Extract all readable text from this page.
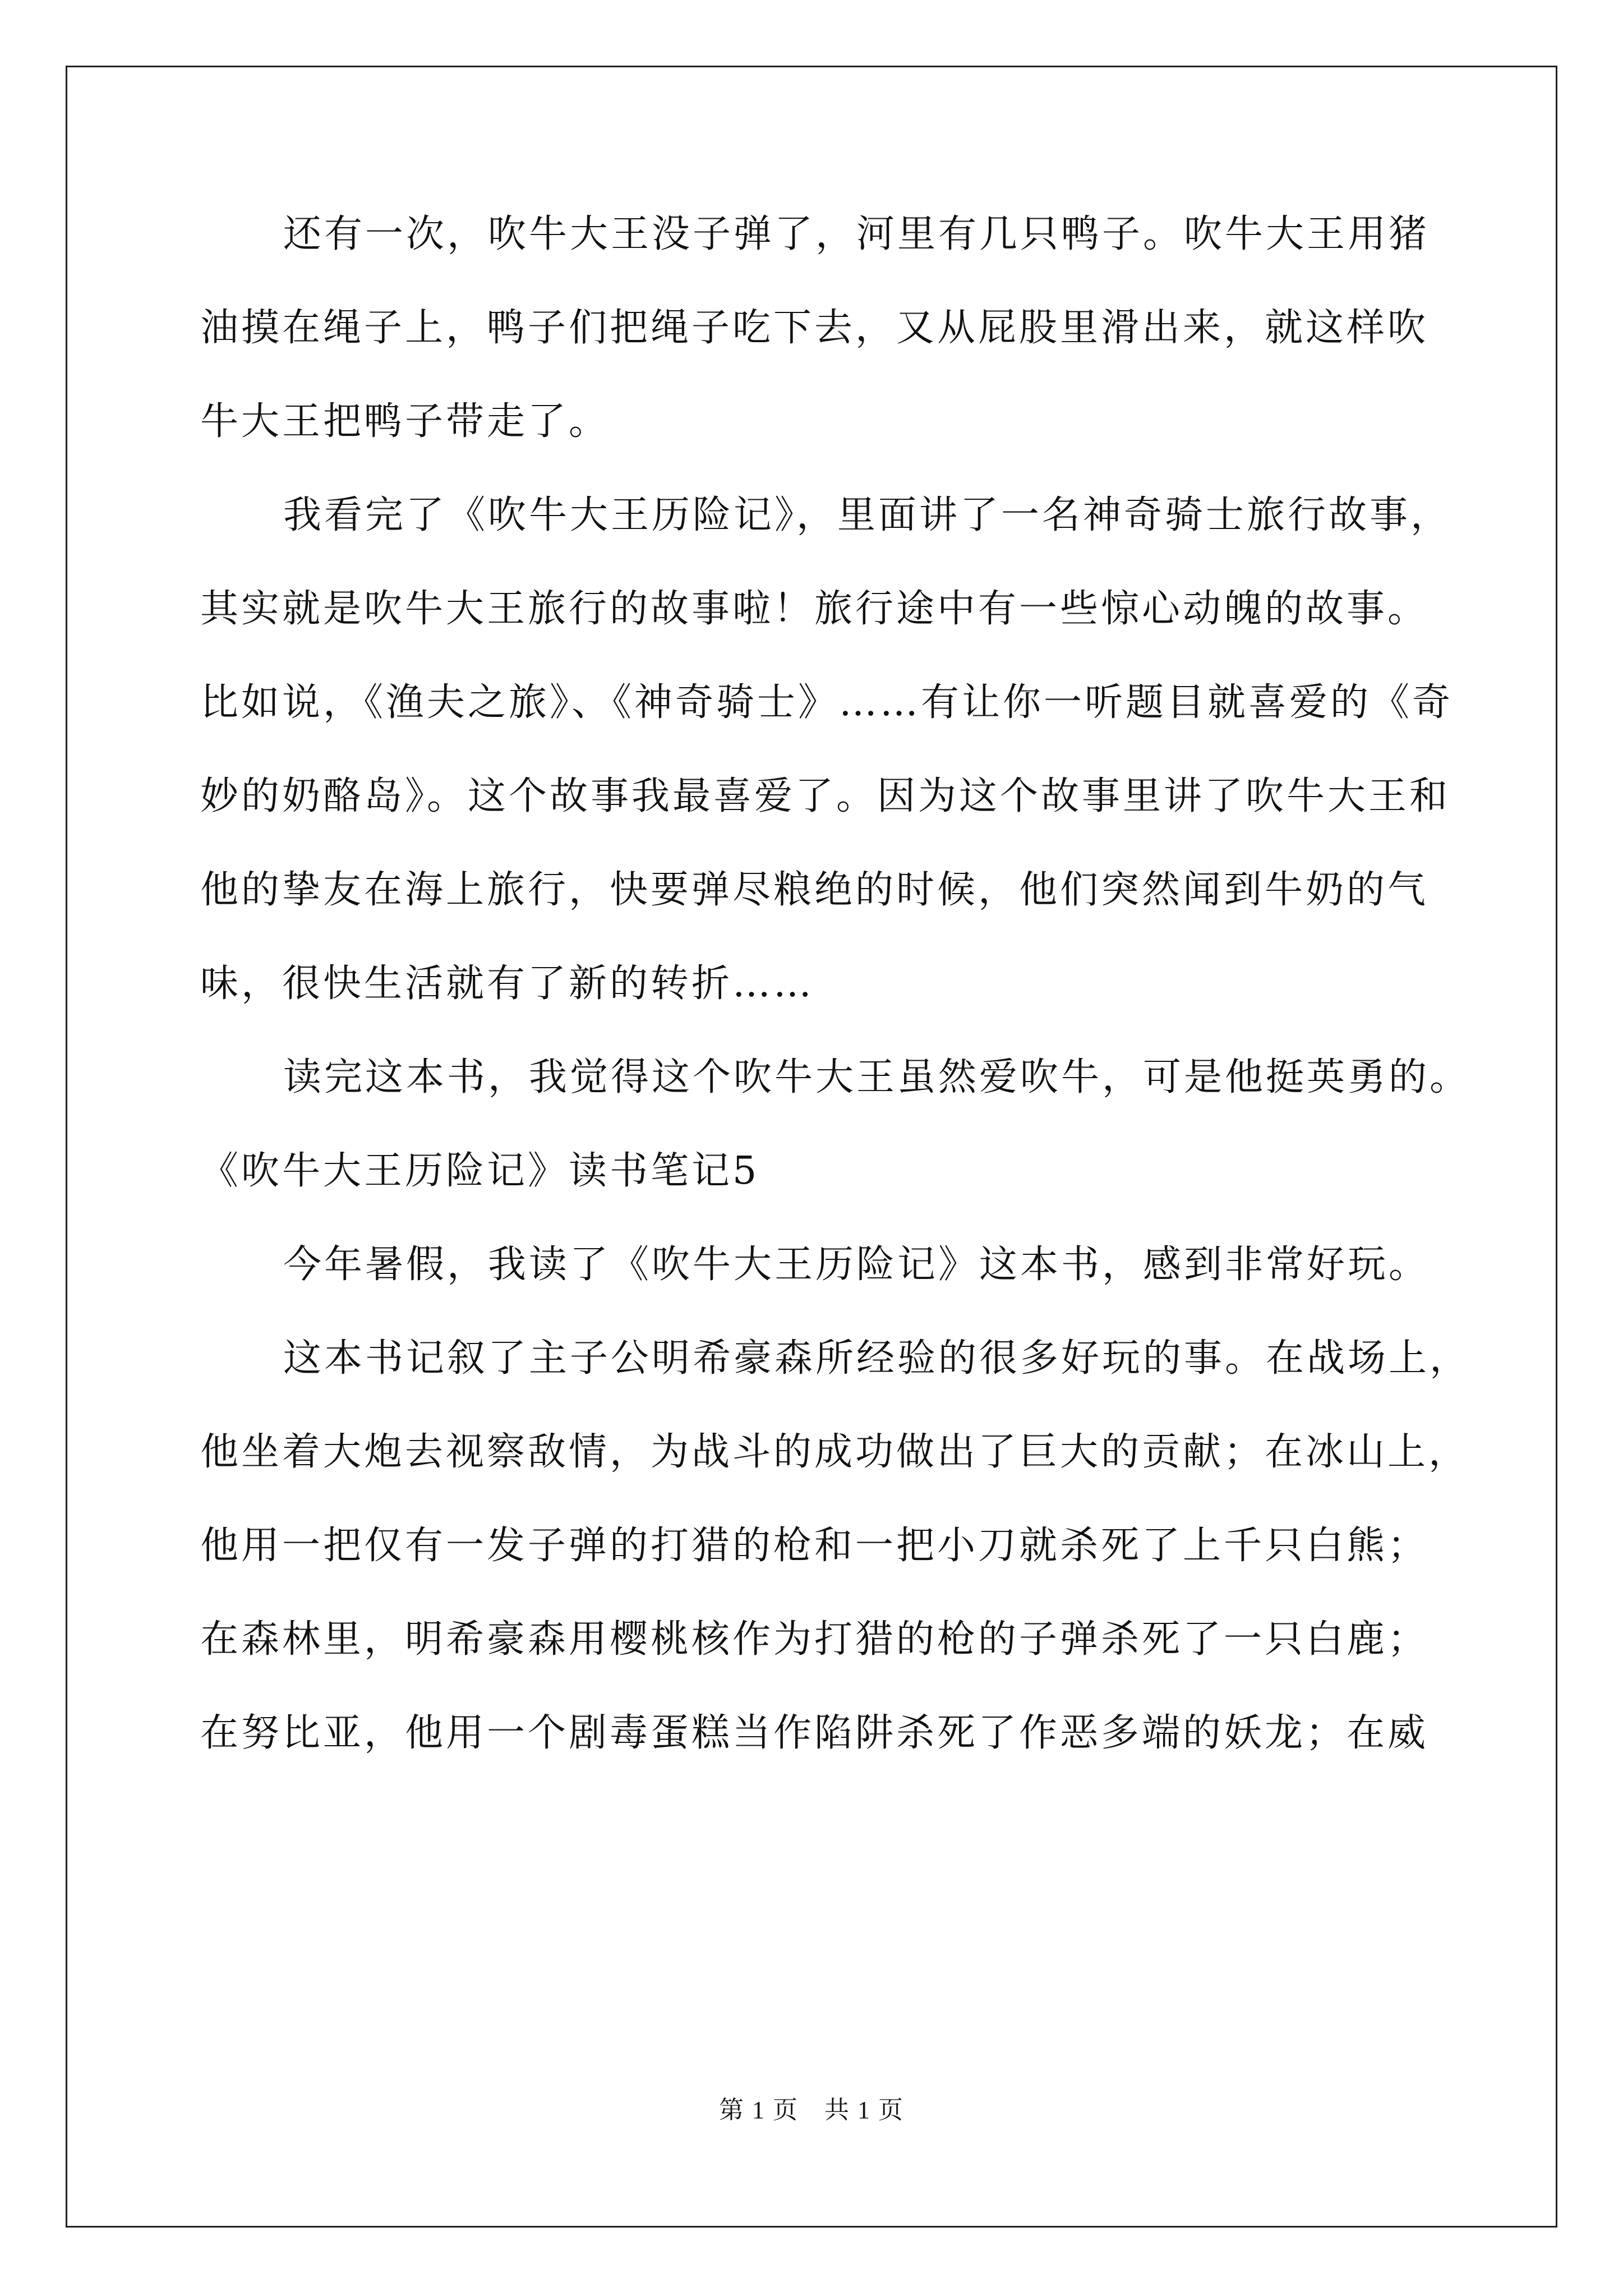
还有一次，吹牛大王没子弹了，河里有几只鸭子。吹牛大王用猪
油摸在绳子上，鸭子们把绳子吃下去，又从屁股里滑出来，就这样吹
牛大王把鸭子带走了。
我看完了《吹牛大王历险记》，里面讲了一名神奇骑士旅行故事，
其实就是吹牛大王旅行的故事啦！旅行途中有一些惊心动魄的故事。
比如说，《渔夫之旅》、《神奇骑士》……有让你一听题目就喜爱的《奇
妙的奶酪岛》。这个故事我最喜爱了。因为这个故事里讲了吹牛大王和
他的挚友在海上旅行，快要弹尽粮绝的时候，他们突然闻到牛奶的气
味，很快生活就有了新的转折……
读完这本书，我觉得这个吹牛大王虽然爱吹牛，可是他挺英勇的。
《吹牛大王历险记》读书笔记5
今年暑假，我读了《吹牛大王历险记》这本书，感到非常好玩。
这本书记叙了主子公明希豪森所经验的很多好玩的事。在战场上，
他坐着大炮去视察敌情，为战斗的成功做出了巨大的贡献；在冰山上，
他用一把仅有一发子弹的打猎的枪和一把小刀就杀死了上千只白熊；
在森林里，明希豪森用樱桃核作为打猎的枪的子弹杀死了一只白鹿；
在努比亚，他用一个剧毒蛋糕当作陷阱杀死了作恶多端的妖龙；在威
第 1 页　共 1 页
